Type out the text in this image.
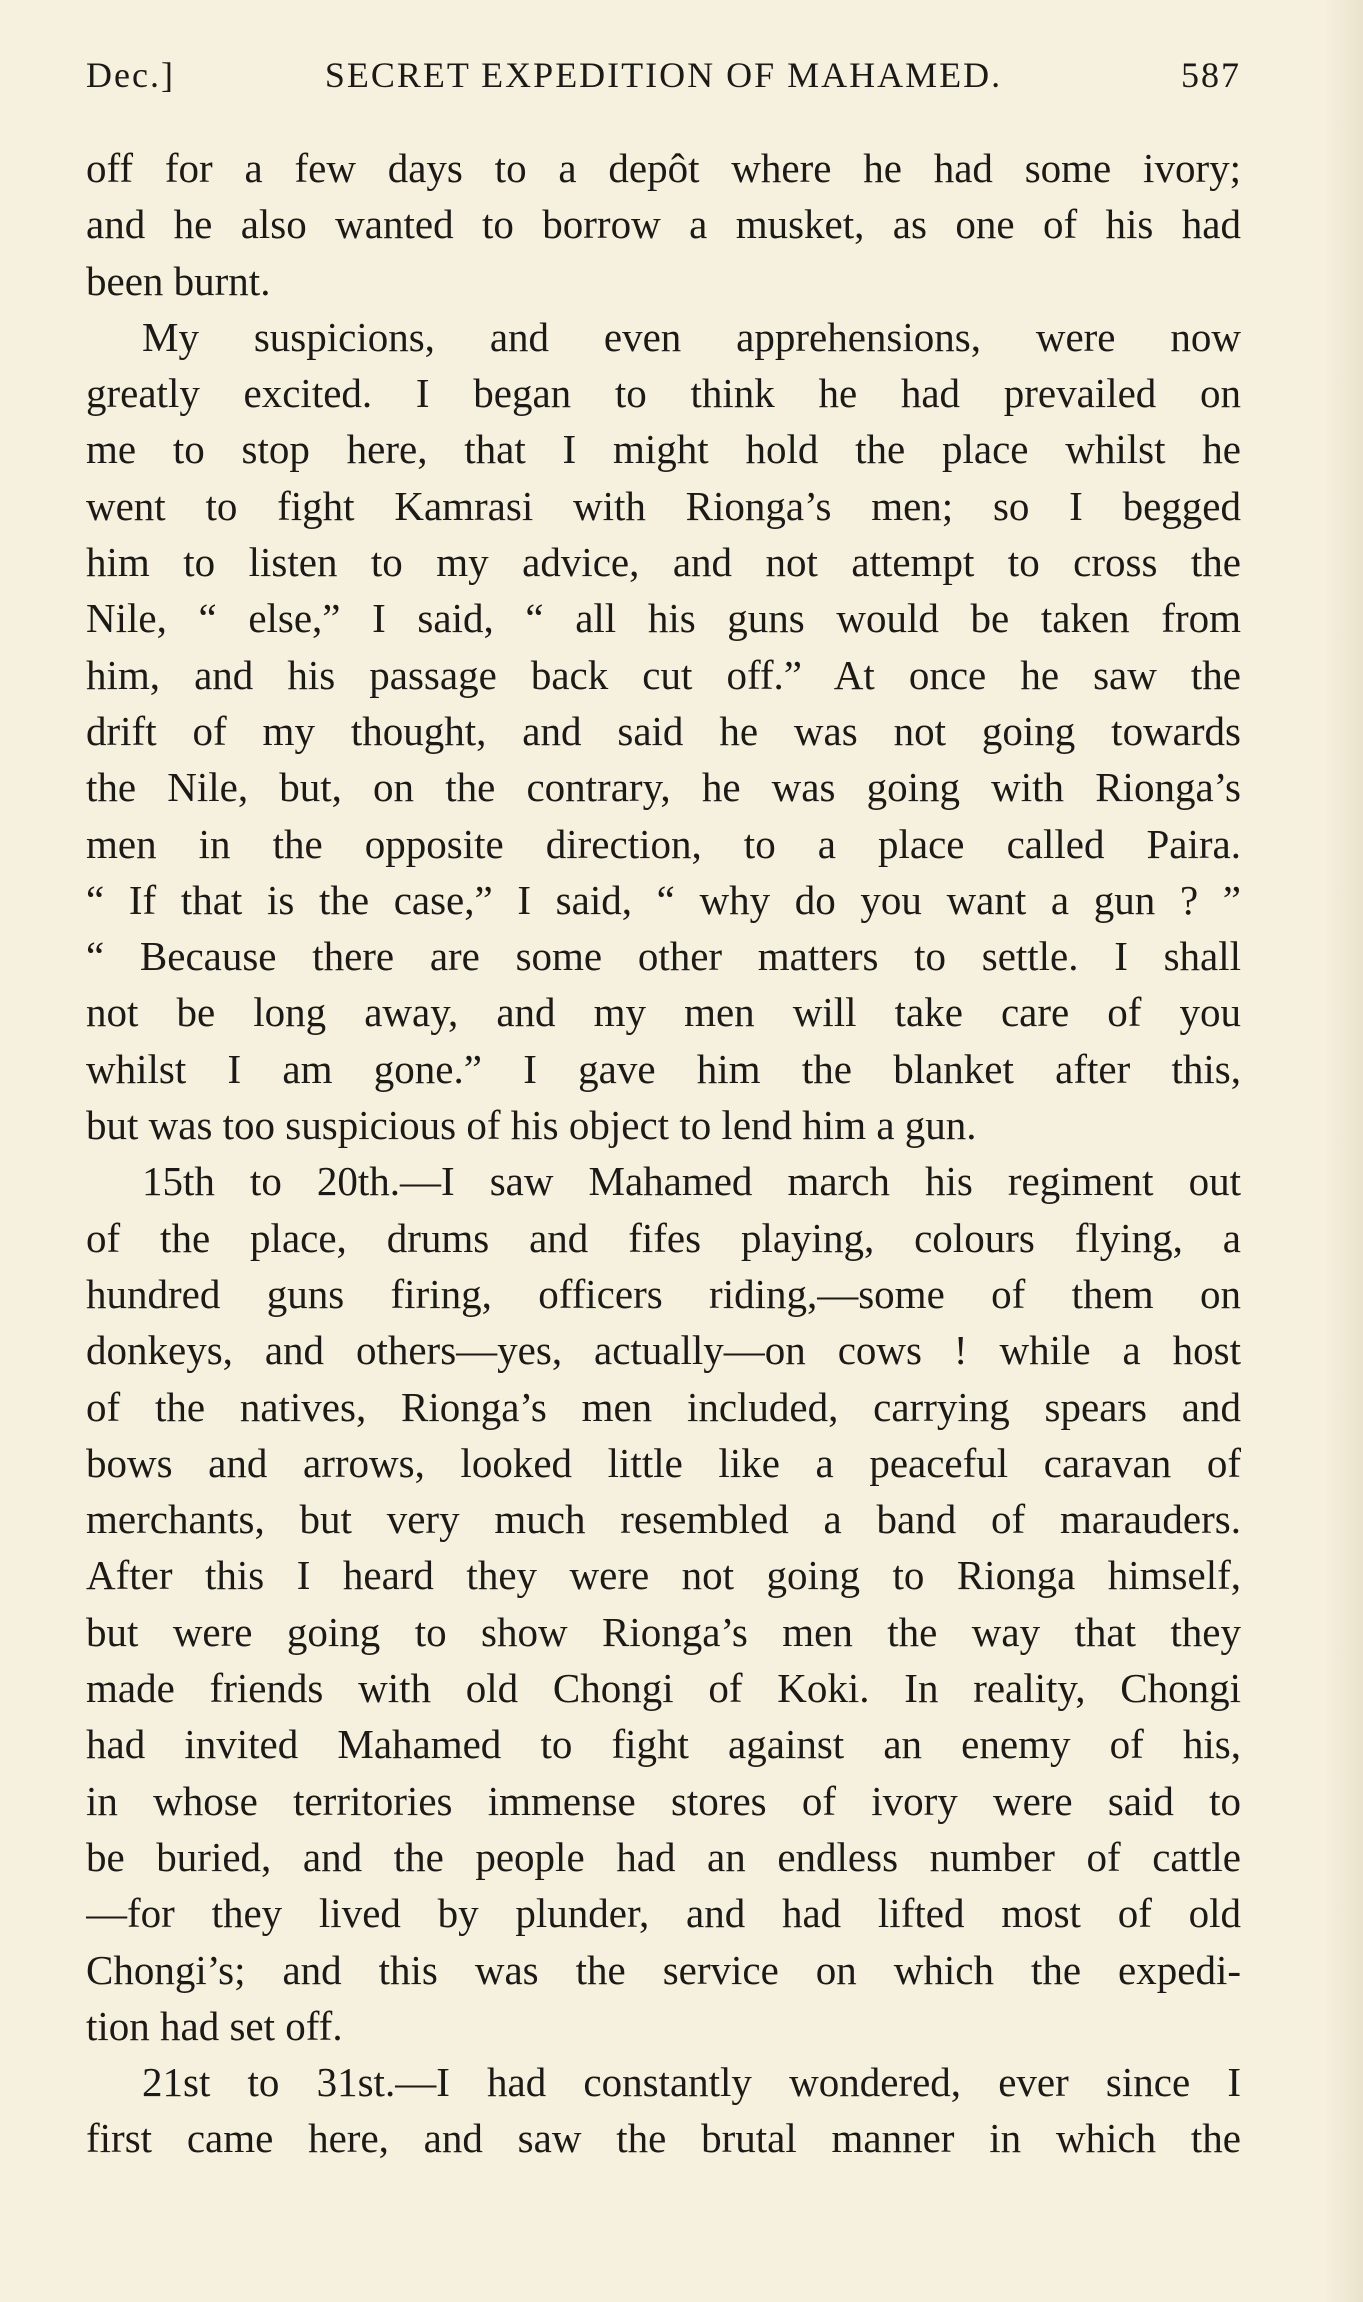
Dec.]	SECRET EXPEDITION OF MAHAMED.	587
off for a few days to a depôt where he had some ivory;
and he also wanted to borrow a musket, as one of his had
been burnt.
My suspicions, and even apprehensions, were now
greatly excited. I began to think he had prevailed on
me to stop here, that I might hold the place whilst he
went to fight Kamrasi with Rionga’s men; so I begged
him to listen to my advice, and not attempt to cross the
Nile, “ else,” I said, “ all his guns would be taken from
him, and his passage back cut off.” At once he saw the
drift of my thought, and said he was not going towards
the Nile, but, on the contrary, he was going with Rionga’s
men in the opposite direction, to a place called Paira.
“ If that is the case,” I said, “ why do you want a gun ? ”
“ Because there are some other matters to settle. I shall
not be long away, and my men will take care of you
whilst I am gone.” I gave him the blanket after this,
but was too suspicious of his object to lend him a gun.
15th to 20th.—I saw Mahamed march his regiment out
of the place, drums and fifes playing, colours flying, a
hundred guns firing, officers riding,—some of them on
donkeys, and others—yes, actually—on cows ! while a host
of the natives, Rionga’s men included, carrying spears and
bows and arrows, looked little like a peaceful caravan of
merchants, but very much resembled a band of marauders.
After this I heard they were not going to Rionga himself,
but were going to show Rionga’s men the way that they
made friends with old Chongi of Koki. In reality, Chongi
had invited Mahamed to fight against an enemy of his,
in whose territories immense stores of ivory were said to
be buried, and the people had an endless number of cattle
—for they lived by plunder, and had lifted most of old
Chongi’s; and this was the service on which the expedi-
tion had set off.
21st to 31st.—I had constantly wondered, ever since I
first came here, and saw the brutal manner in which the
